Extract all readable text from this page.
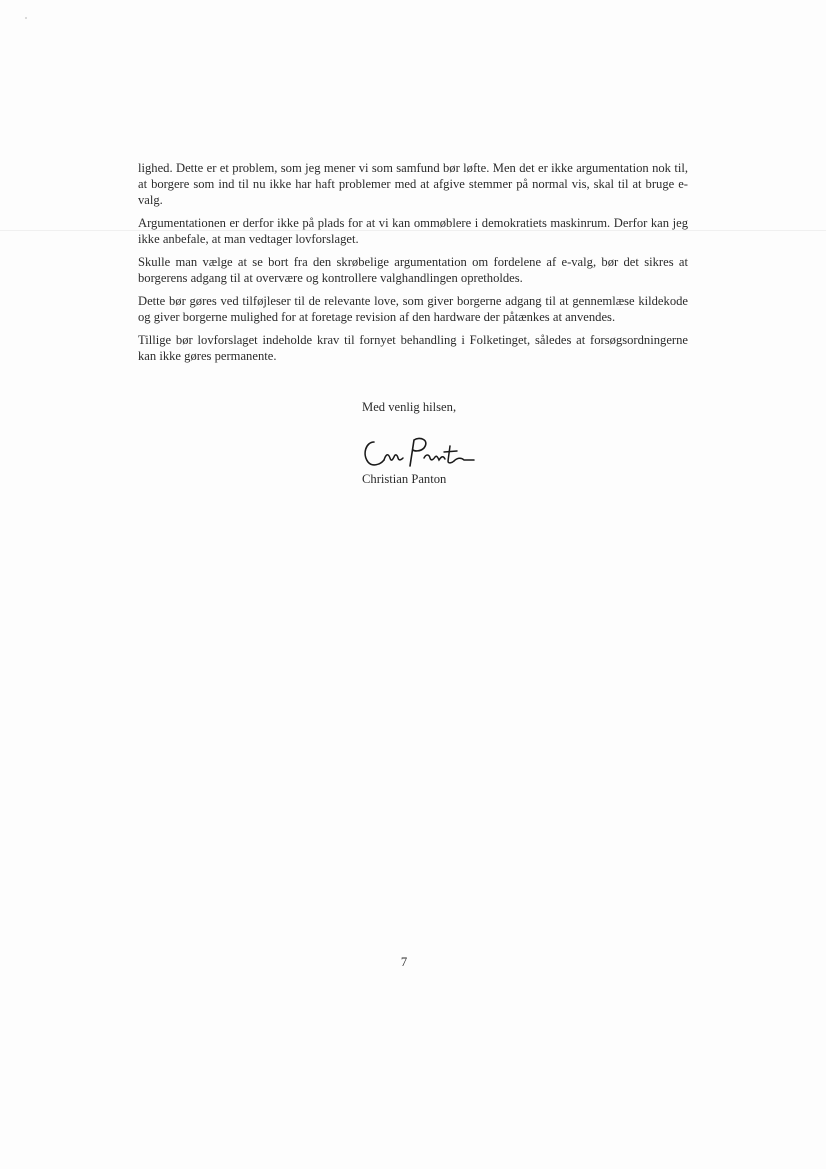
lighed. Dette er et problem, som jeg mener vi som samfund bør løfte. Men det er ikke argumentation nok til, at borgere som ind til nu ikke har haft problemer med at afgive stemmer på normal vis, skal til at bruge e-valg.

Argumentationen er derfor ikke på plads for at vi kan ommøblere i demokratiets maskinrum. Derfor kan jeg ikke anbefale, at man vedtager lovforslaget.

Skulle man vælge at se bort fra den skrøbelige argumentation om fordelene af e-valg, bør det sikres at borgerens adgang til at overvære og kontrollere valghandlingen opretholdes.

Dette bør gøres ved tilføjleser til de relevante love, som giver borgerne adgang til at gennemlæse kildekode og giver borgerne mulighed for at foretage revision af den hardware der påtænkes at anvendes.

Tillige bør lovforslaget indeholde krav til fornyet behandling i Folketinget, således at forsøgsordningerne kan ikke gøres permanente.

Med venlig hilsen,
Christian Panton
7
